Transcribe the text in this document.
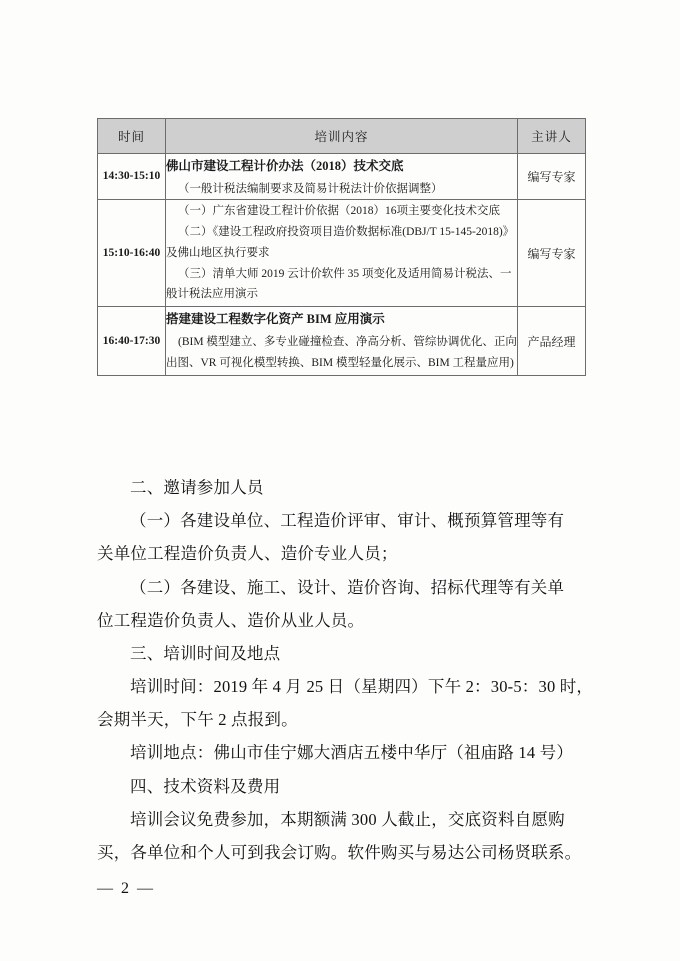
时间	培训内容	主讲人
14:30-15:10	佛山市建设工程计价办法（2018）技术交底
（一般计税法编制要求及简易计税法计价依据调整）	编写专家
15:10-16:40	（一）广东省建设工程计价依据（2018）16项主要变化技术交底
（二）《建设工程政府投资项目造价数据标准(DBJ/T 15-145-2018)》
及佛山地区执行要求
（三）清单大师 2019 云计价软件 35 项变化及适用简易计税法、一
般计税法应用演示	编写专家
16:40-17:30	搭建建设工程数字化资产 BIM 应用演示
(BIM 模型建立、多专业碰撞检查、净高分析、管综协调优化、正向
出图、VR 可视化模型转换、BIM 模型轻量化展示、BIM 工程量应用)	产品经理

二、邀请参加人员

（一）各建设单位、工程造价评审、审计、概预算管理等有

关单位工程造价负责人、造价专业人员；

（二）各建设、施工、设计、造价咨询、招标代理等有关单

位工程造价负责人、造价从业人员。

三、培训时间及地点

培训时间：2019 年 4 月 25 日（星期四）下午 2：30-5：30 时，

会期半天，下午 2 点报到。

培训地点：佛山市佳宁娜大酒店五楼中华厅（祖庙路 14 号）

四、技术资料及费用

培训会议免费参加，本期额满 300 人截止，交底资料自愿购

买，各单位和个人可到我会订购。软件购买与易达公司杨贤联系。

— 2 —
